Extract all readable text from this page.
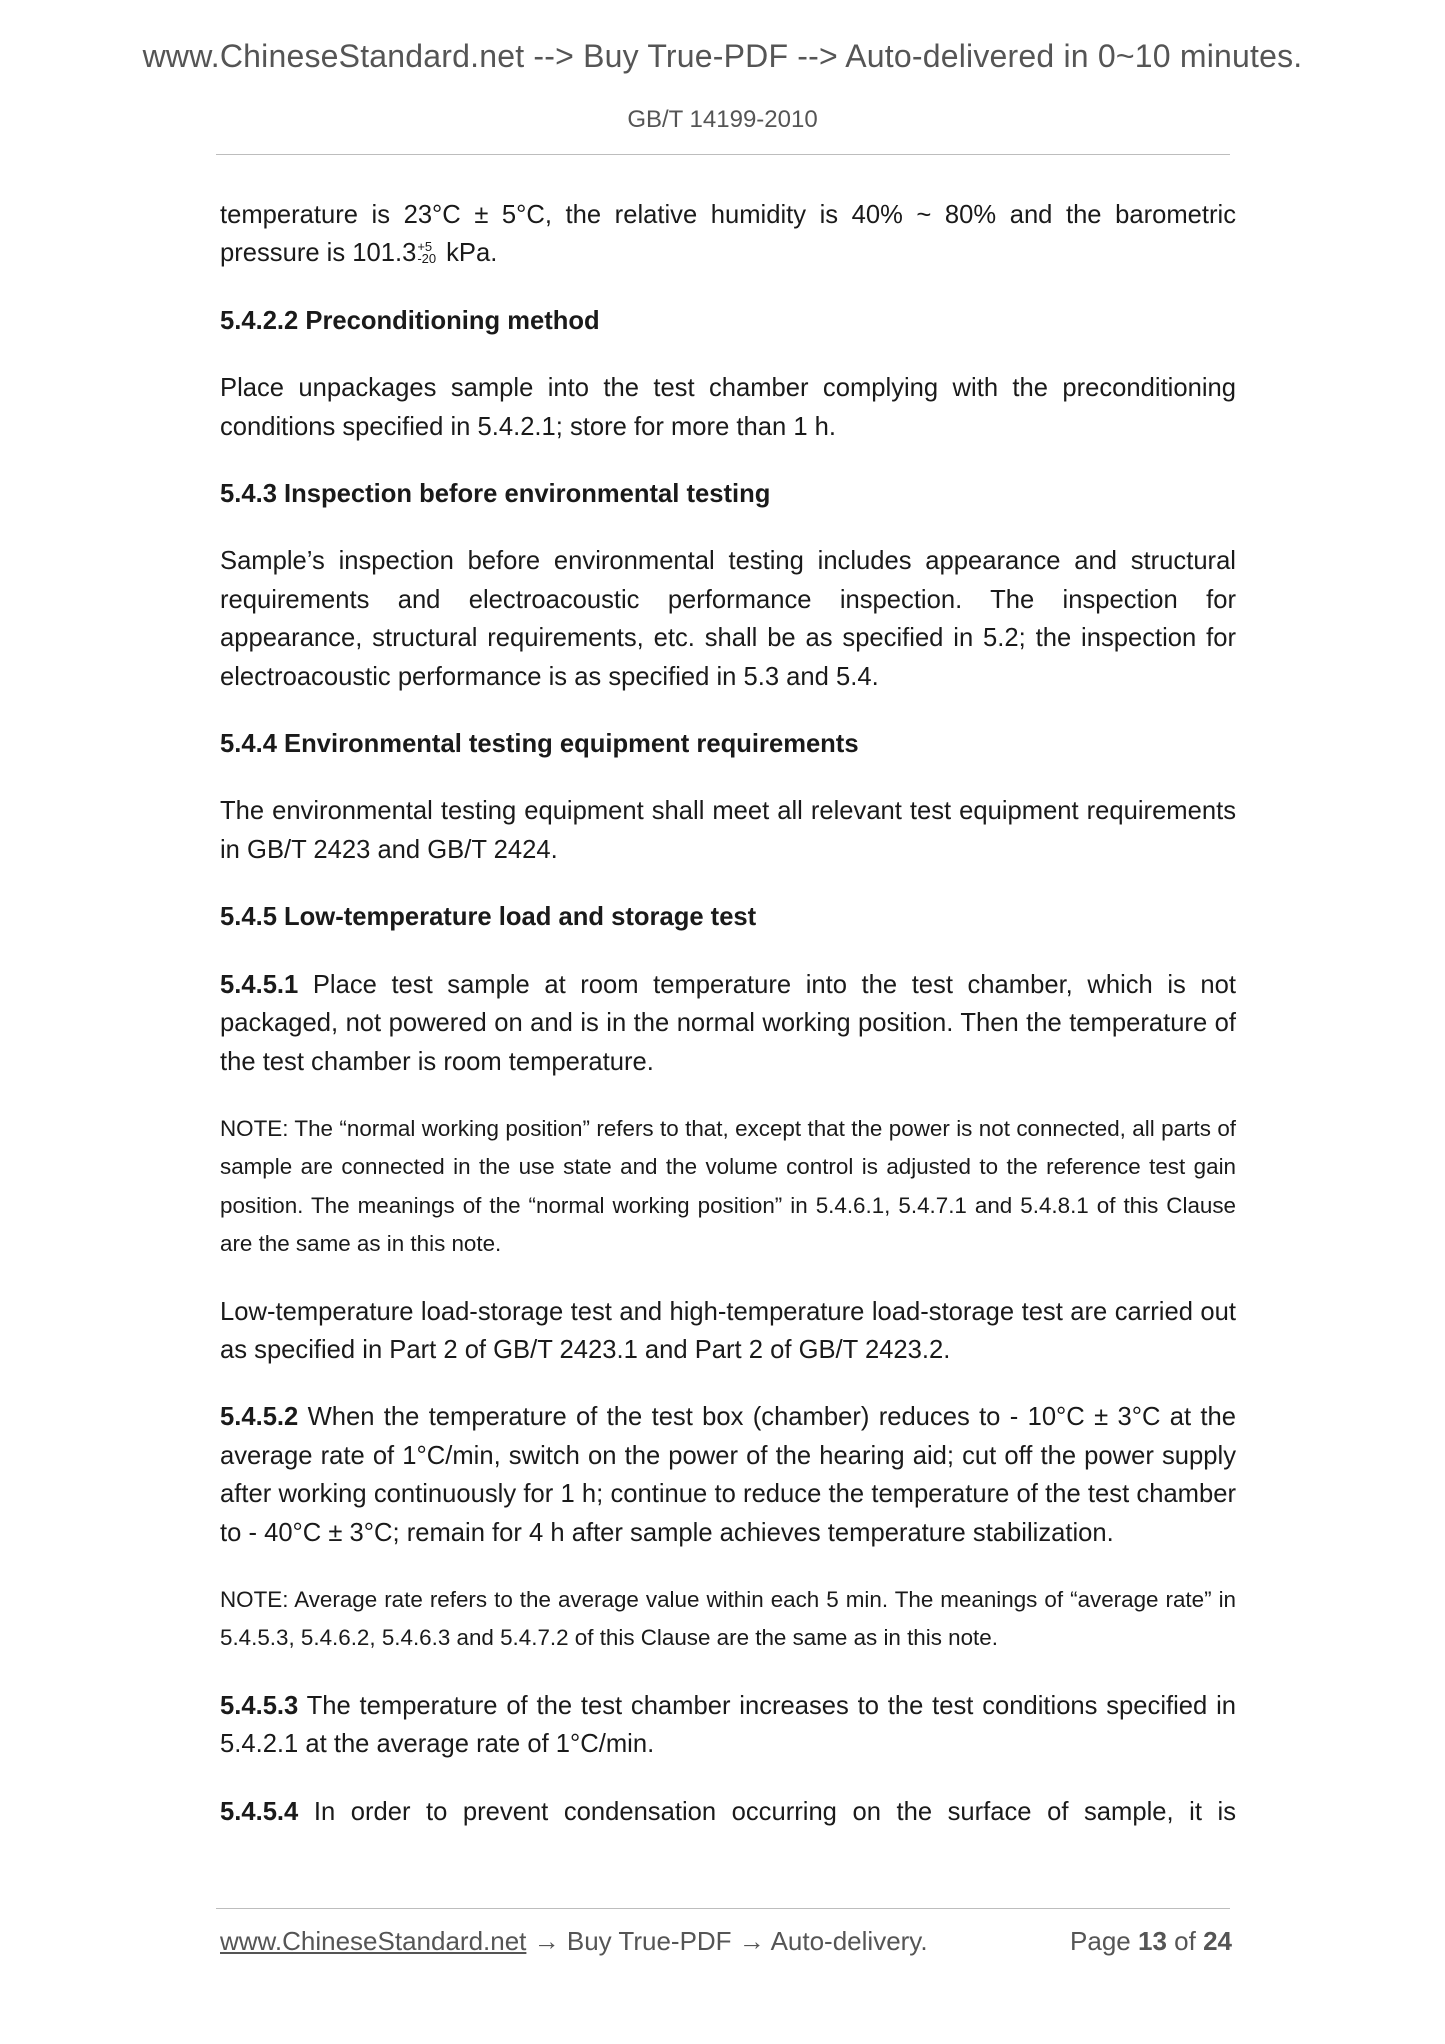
www.ChineseStandard.net --> Buy True-PDF --> Auto-delivered in 0~10 minutes.
GB/T 14199-2010
temperature is 23°C ± 5°C, the relative humidity is 40% ~ 80% and the barometric
pressure is 101.3 +5
-20 kPa.
5.4.2.2 Preconditioning method
Place unpackages sample into the test chamber complying with the preconditioning conditions specified in 5.4.2.1; store for more than 1 h.
5.4.3 Inspection before environmental testing
Sample’s inspection before environmental testing includes appearance and structural requirements and electroacoustic performance inspection. The inspection for appearance, structural requirements, etc. shall be as specified in 5.2; the inspection for electroacoustic performance is as specified in 5.3 and 5.4.
5.4.4 Environmental testing equipment requirements
The environmental testing equipment shall meet all relevant test equipment requirements in GB/T 2423 and GB/T 2424.
5.4.5 Low-temperature load and storage test
5.4.5.1 Place test sample at room temperature into the test chamber, which is not packaged, not powered on and is in the normal working position. Then the temperature of the test chamber is room temperature.
NOTE: The “normal working position” refers to that, except that the power is not connected, all parts of sample are connected in the use state and the volume control is adjusted to the reference test gain position. The meanings of the “normal working position” in 5.4.6.1, 5.4.7.1 and 5.4.8.1 of this Clause are the same as in this note.
Low-temperature load-storage test and high-temperature load-storage test are carried out as specified in Part 2 of GB/T 2423.1 and Part 2 of GB/T 2423.2.
5.4.5.2 When the temperature of the test box (chamber) reduces to - 10°C ± 3°C at the average rate of 1°C/min, switch on the power of the hearing aid; cut off the power supply after working continuously for 1 h; continue to reduce the temperature of the test chamber to - 40°C ± 3°C; remain for 4 h after sample achieves temperature stabilization.
NOTE: Average rate refers to the average value within each 5 min. The meanings of “average rate” in 5.4.5.3, 5.4.6.2, 5.4.6.3 and 5.4.7.2 of this Clause are the same as in this note.
5.4.5.3 The temperature of the test chamber increases to the test conditions specified in 5.4.2.1 at the average rate of 1°C/min.
5.4.5.4 In order to prevent condensation occurring on the surface of sample, it is
www.ChineseStandard.net → Buy True-PDF → Auto-delivery.	Page 13 of 24
